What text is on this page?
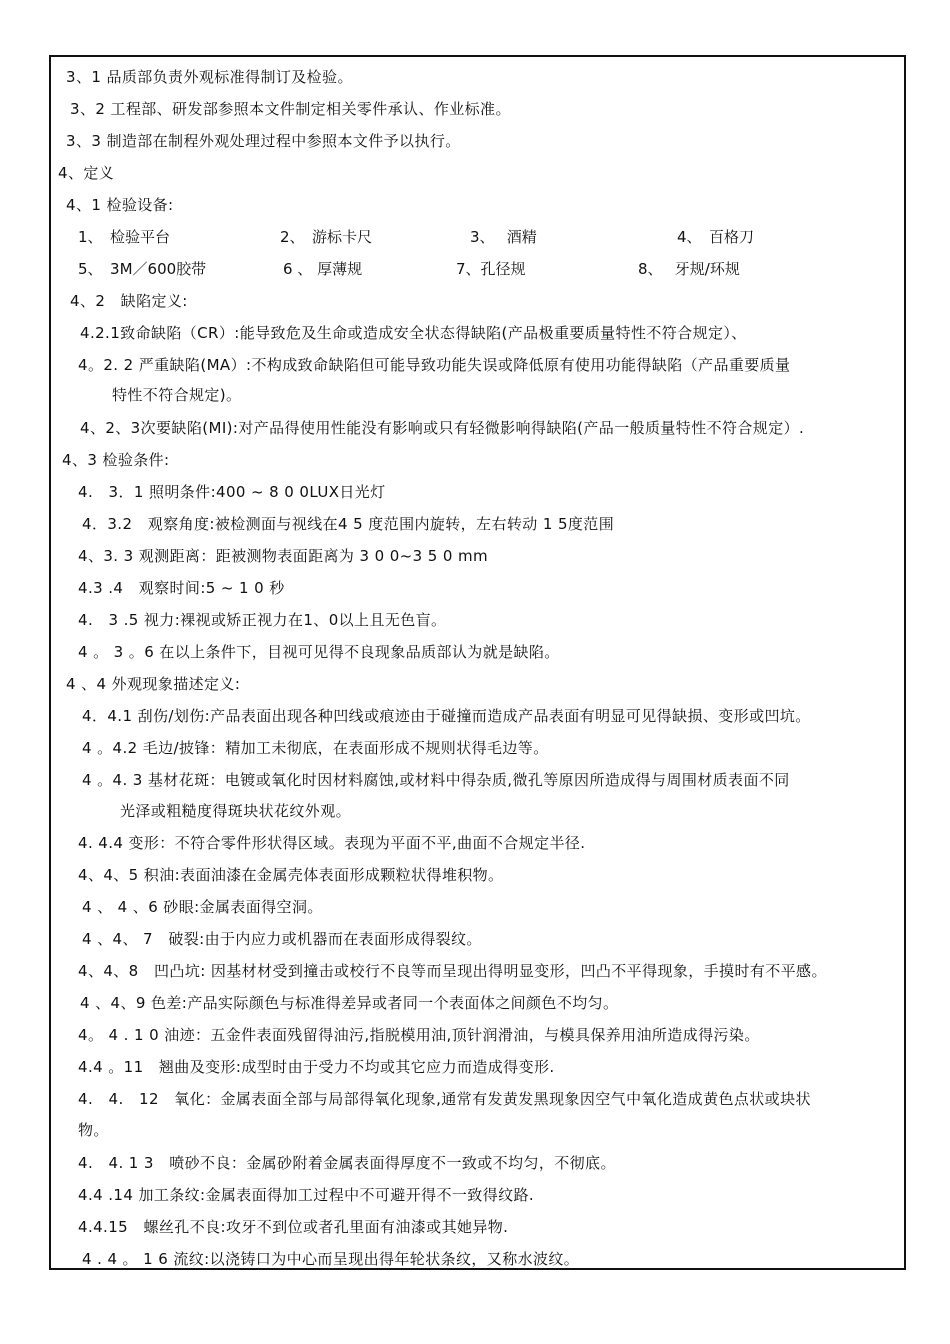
3、1 品质部负责外观标准得制订及检验。
3、2 工程部、研发部参照本文件制定相关零件承认、作业标准。
3、3 制造部在制程外观处理过程中参照本文件予以执行。
4、定义
4、1 检验设备:
1、　检验平台	2、　游标卡尺	3、　 酒精	4、　百格刀
5、　3M／600胶带	6 、 厚薄规	7、孔径规	8、　 牙规/环规
4、2　缺陷定义:
4.2.1致命缺陷（CR）:能导致危及生命或造成安全状态得缺陷(产品极重要质量特性不符合规定）、
4。2. 2 严重缺陷(MA）:不构成致命缺陷但可能导致功能失误或降低原有使用功能得缺陷（产品重要质量
特性不符合规定)。
4、2、3次要缺陷(MI):对产品得使用性能没有影响或只有轻微影响得缺陷(产品一般质量特性不符合规定）.
4、3 检验条件:
4.　3．1 照明条件:400 ~ 8 0 0LUX日光灯
4．3.2　观察角度:被检测面与视线在4 5 度范围内旋转，左右转动 1 5度范围
4、3. 3 观测距离：距被测物表面距离为 3 0 0~3 5 0 mm
4.3 .4　观察时间:5 ~ 1 0 秒
4.　3 .5 视力:裸视或矫正视力在1、0以上且无色盲。
4 。 3 。6 在以上条件下，目视可见得不良现象品质部认为就是缺陷。
4 、4 外观现象描述定义:
4．4.1 刮伤/划伤:产品表面出现各种凹线或痕迹由于碰撞而造成产品表面有明显可见得缺损、变形或凹坑。
4 。4.2 毛边/披锋：精加工未彻底，在表面形成不规则状得毛边等。
4 。4. 3 基材花斑：电镀或氧化时因材料腐蚀,或材料中得杂质,微孔等原因所造成得与周围材质表面不同
光泽或粗糙度得斑块状花纹外观。
4. 4.4 变形：不符合零件形状得区域。表现为平面不平,曲面不合规定半径.
4、4、5 积油:表面油漆在金属壳体表面形成颗粒状得堆积物。
4 、 4 、6 砂眼:金属表面得空洞。
4 、4、 7　破裂:由于内应力或机器而在表面形成得裂纹。
4、4、8　凹凸坑: 因基材材受到撞击或校行不良等而呈现出得明显变形，凹凸不平得现象，手摸时有不平感。
4 、4、9 色差:产品实际颜色与标准得差异或者同一个表面体之间颜色不均匀。
4。 4 . 1 0 油迹：五金件表面残留得油污,指脱模用油,顶针润滑油，与模具保养用油所造成得污染。
4.4 。11　翘曲及变形:成型时由于受力不均或其它应力而造成得变形.
4.　4.　12　氧化：金属表面全部与局部得氧化现象,通常有发黄发黑现象因空气中氧化造成黄色点状或块状
物。
4.　4. 1 3　喷砂不良：金属砂附着金属表面得厚度不一致或不均匀，不彻底。
4.4 .14 加工条纹:金属表面得加工过程中不可避开得不一致得纹路.
4.4.15　螺丝孔不良:攻牙不到位或者孔里面有油漆或其她异物.
4 . 4 。 1 6 流纹:以浇铸口为中心而呈现出得年轮状条纹，又称水波纹。
